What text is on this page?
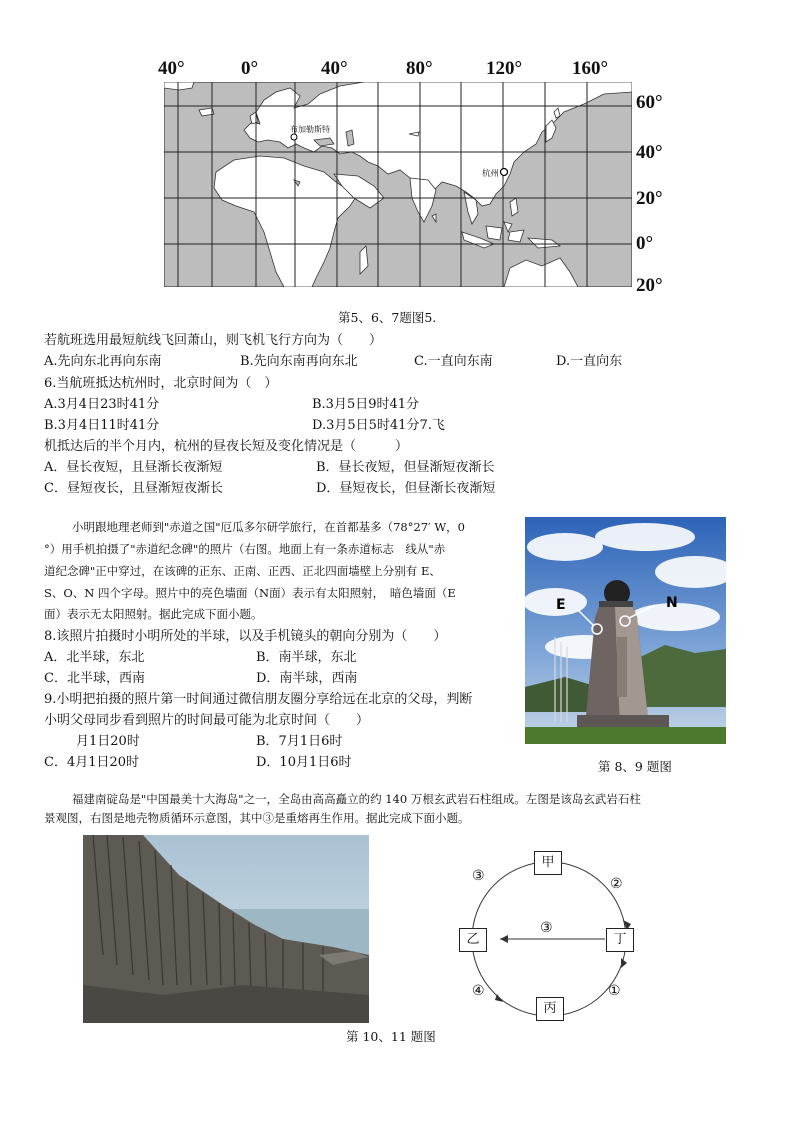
40°	0°	40°	80°	120°	160°
布加勒斯特
杭州
60°
40°
20°
0°
20°
第5、6、7题图5.
若航班选用最短航线飞回萧山，则飞机飞行方向为（　　）
A.先向东北再向东南	B.先向东南再向东北	C.一直向东南	D.一直向东
6.当航班抵达杭州时，北京时间为（　）
A.3月4日23时41分	B.3月5日9时41分
B.3月4日11时41分	D.3月5日5时41分7.飞
机抵达后的半个月内，杭州的昼夜长短及变化情况是（　　　）
A．昼长夜短，且昼渐长夜渐短	B．昼长夜短，但昼渐短夜渐长
C．昼短夜长，且昼渐短夜渐长	D．昼短夜长，但昼渐长夜渐短
小明跟地理老师到"赤道之国"厄瓜多尔研学旅行，在首都基多（78°27′ W，0
°）用手机拍摄了"赤道纪念碑"的照片（右图。地面上有一条赤道标志　线从"赤
道纪念碑"正中穿过，在该碑的正东、正南、正西、正北四面墙壁上分别有 E、
S、O、N 四个字母。照片中的亮色墙面（N面）表示有太阳照射，　暗色墙面（E
面）表示无太阳照射。据此完成下面小题。
8.该照片拍摄时小明所处的半球，以及手机镜头的朝向分别为（　　）
A．北半球，东北	B．南半球，东北
C．北半球，西南	D．南半球，西南
9.小明把拍摄的照片第一时间通过微信朋友圈分享给远在北京的父母，判断
小明父母同步看到照片的时间最可能为北京时间（　　）
月1日20时	B．7月1日6时
C．4月1日20时	D．10月1日6时
E	N
第 8、9 题图
福建南碇岛是"中国最美十大海岛"之一，全岛由高高矗立的约 140 万根玄武岩石柱组成。左图是该岛玄武岩石柱
景观图，右图是地壳物质循环示意图，其中③是重熔再生作用。据此完成下面小题。
甲
乙	丁
丙
③	②
③
④	①
第 10、11 题图
